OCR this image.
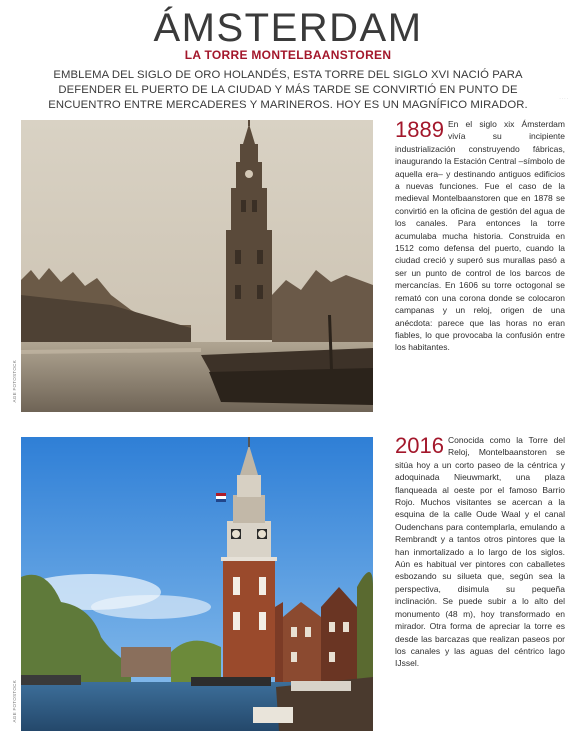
ÁMSTERDAM
LA TORRE MONTELBAANSTOREN
EMBLEMA DEL SIGLO DE ORO HOLANDÉS, ESTA TORRE DEL SIGLO XVI NACIÓ PARA DEFENDER EL PUERTO DE LA CIUDAD Y MÁS TARDE SE CONVIRTIÓ EN PUNTO DE ENCUENTRO ENTRE MERCADERES Y MARINEROS. HOY ES UN MAGNÍFICO MIRADOR.
· · · ·
AGE FOTOSTOCK
AGE FOTOSTOCK
1889 En el siglo xix Ámsterdam vivía su incipiente industrialización construyendo fábricas, inaugurando la Estación Central –símbolo de aquella era– y destinando antiguos edificios a nuevas funciones. Fue el caso de la medieval Montelbaanstoren que en 1878 se convirtió en la oficina de gestión del agua de los canales. Para entonces la torre acumulaba mucha historia. Construida en 1512 como defensa del puerto, cuando la ciudad creció y superó sus murallas pasó a ser un punto de control de los barcos de mercancías. En 1606 su torre octogonal se remató con una corona donde se colocaron campanas y un reloj, origen de una anécdota: parece que las horas no eran fiables, lo que provocaba la confusión entre los habitantes.
2016 Conocida como la Torre del Reloj, Montelbaanstoren se sitúa hoy a un corto paseo de la céntrica y adoquinada Nieuwmarkt, una plaza flanqueada al oeste por el famoso Barrio Rojo. Muchos visitantes se acercan a la esquina de la calle Oude Waal y el canal Oudenchans para contemplarla, emulando a Rembrandt y a tantos otros pintores que la han inmortalizado a lo largo de los siglos. Aún es habitual ver pintores con caballetes esbozando su silueta que, según sea la perspectiva, disimula su pequeña inclinación. Se puede subir a lo alto del monumento (48 m), hoy transformado en mirador. Otra forma de apreciar la torre es desde las barcazas que realizan paseos por los canales y las aguas del céntrico lago IJssel.
